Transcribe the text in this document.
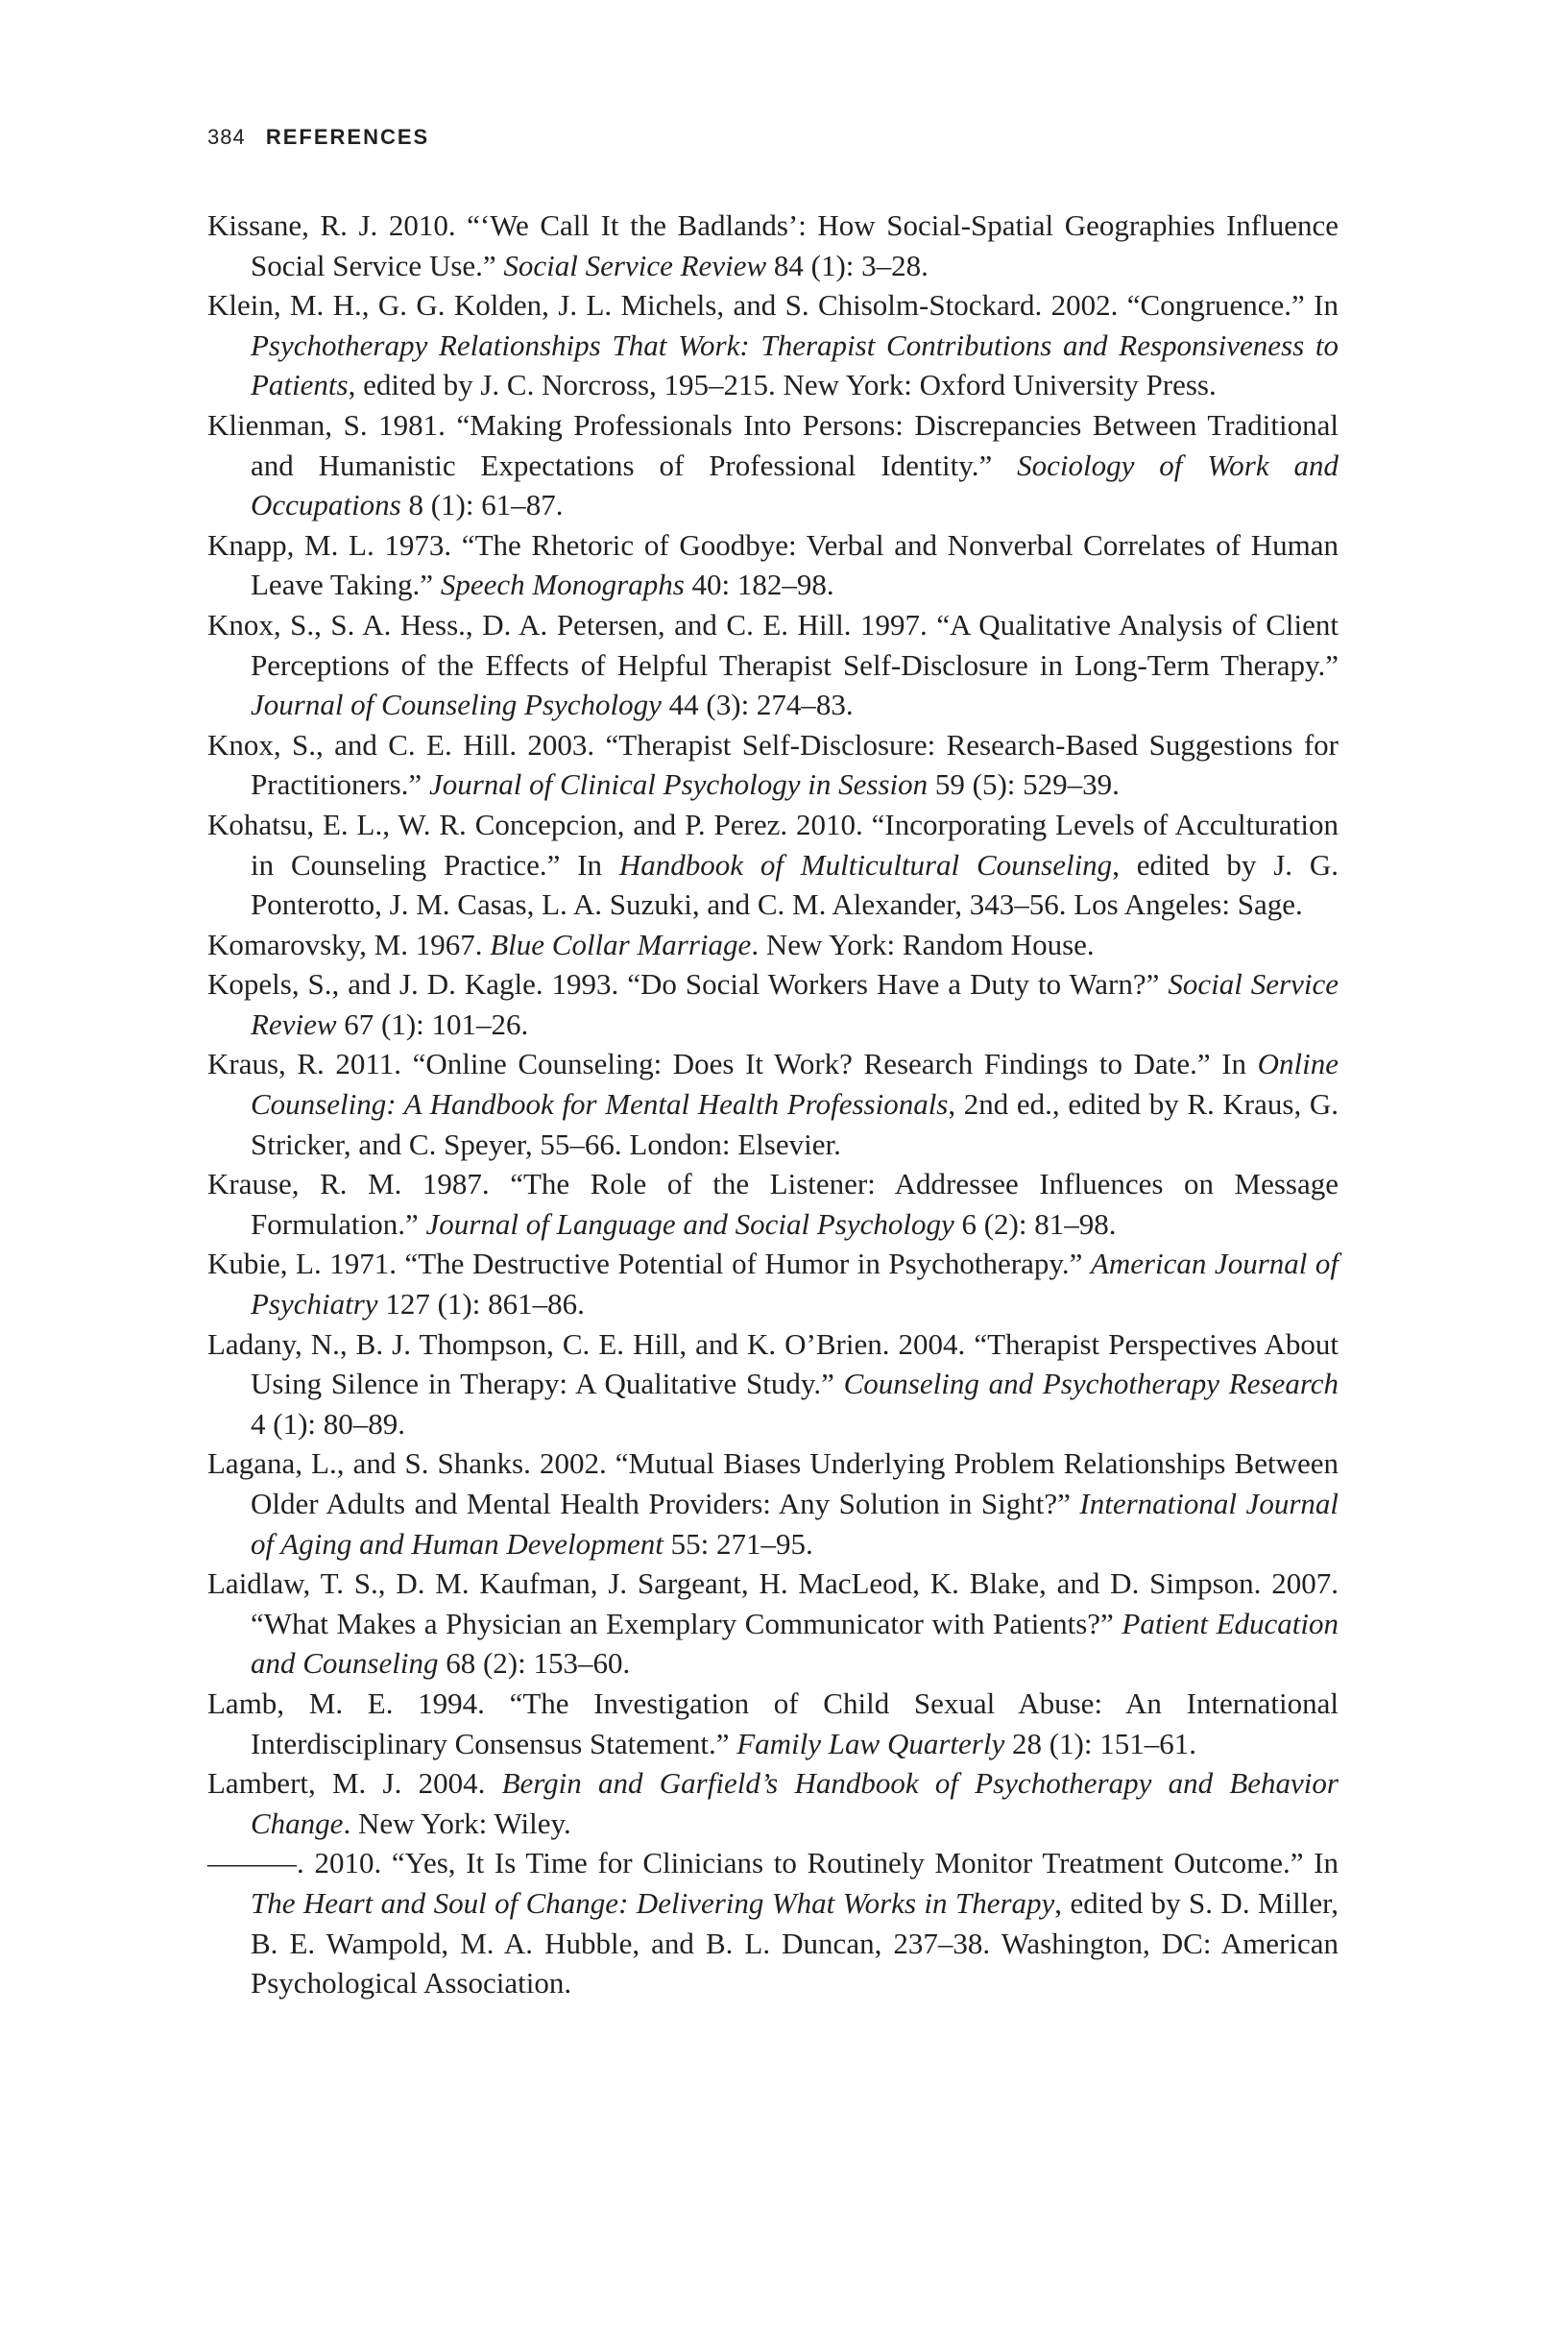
384 REFERENCES

Kissane, R. J. 2010. “‘We Call It the Badlands’: How Social-Spatial Geographies Influence Social Service Use.” Social Service Review 84 (1): 3–28.

Klein, M. H., G. G. Kolden, J. L. Michels, and S. Chisolm-Stockard. 2002. “Congruence.” In Psychotherapy Relationships That Work: Therapist Contributions and Responsiveness to Patients, edited by J. C. Norcross, 195–215. New York: Oxford University Press.

Klienman, S. 1981. “Making Professionals Into Persons: Discrepancies Between Traditional and Humanistic Expectations of Professional Identity.” Sociology of Work and Occupations 8 (1): 61–87.

Knapp, M. L. 1973. “The Rhetoric of Goodbye: Verbal and Nonverbal Correlates of Human Leave Taking.” Speech Monographs 40: 182–98.

Knox, S., S. A. Hess., D. A. Petersen, and C. E. Hill. 1997. “A Qualitative Analysis of Client Perceptions of the Effects of Helpful Therapist Self-Disclosure in Long-Term Therapy.” Journal of Counseling Psychology 44 (3): 274–83.

Knox, S., and C. E. Hill. 2003. “Therapist Self-Disclosure: Research-Based Suggestions for Practitioners.” Journal of Clinical Psychology in Session 59 (5): 529–39.

Kohatsu, E. L., W. R. Concepcion, and P. Perez. 2010. “Incorporating Levels of Acculturation in Counseling Practice.” In Handbook of Multicultural Counseling, edited by J. G. Ponterotto, J. M. Casas, L. A. Suzuki, and C. M. Alexander, 343–56. Los Angeles: Sage.

Komarovsky, M. 1967. Blue Collar Marriage. New York: Random House.

Kopels, S., and J. D. Kagle. 1993. “Do Social Workers Have a Duty to Warn?” Social Service Review 67 (1): 101–26.

Kraus, R. 2011. “Online Counseling: Does It Work? Research Findings to Date.” In Online Counseling: A Handbook for Mental Health Professionals, 2nd ed., edited by R. Kraus, G. Stricker, and C. Speyer, 55–66. London: Elsevier.

Krause, R. M. 1987. “The Role of the Listener: Addressee Influences on Message Formulation.” Journal of Language and Social Psychology 6 (2): 81–98.

Kubie, L. 1971. “The Destructive Potential of Humor in Psychotherapy.” American Journal of Psychiatry 127 (1): 861–86.

Ladany, N., B. J. Thompson, C. E. Hill, and K. O’Brien. 2004. “Therapist Perspectives About Using Silence in Therapy: A Qualitative Study.” Counseling and Psychotherapy Research 4 (1): 80–89.

Lagana, L., and S. Shanks. 2002. “Mutual Biases Underlying Problem Relationships Between Older Adults and Mental Health Providers: Any Solution in Sight?” International Journal of Aging and Human Development 55: 271–95.

Laidlaw, T. S., D. M. Kaufman, J. Sargeant, H. MacLeod, K. Blake, and D. Simpson. 2007. “What Makes a Physician an Exemplary Communicator with Patients?” Patient Education and Counseling 68 (2): 153–60.

Lamb, M. E. 1994. “The Investigation of Child Sexual Abuse: An International Interdisciplinary Consensus Statement.” Family Law Quarterly 28 (1): 151–61.

Lambert, M. J. 2004. Bergin and Garfield’s Handbook of Psychotherapy and Behavior Change. New York: Wiley.

———. 2010. “Yes, It Is Time for Clinicians to Routinely Monitor Treatment Outcome.” In The Heart and Soul of Change: Delivering What Works in Therapy, edited by S. D. Miller, B. E. Wampold, M. A. Hubble, and B. L. Duncan, 237–38. Washington, DC: American Psychological Association.
